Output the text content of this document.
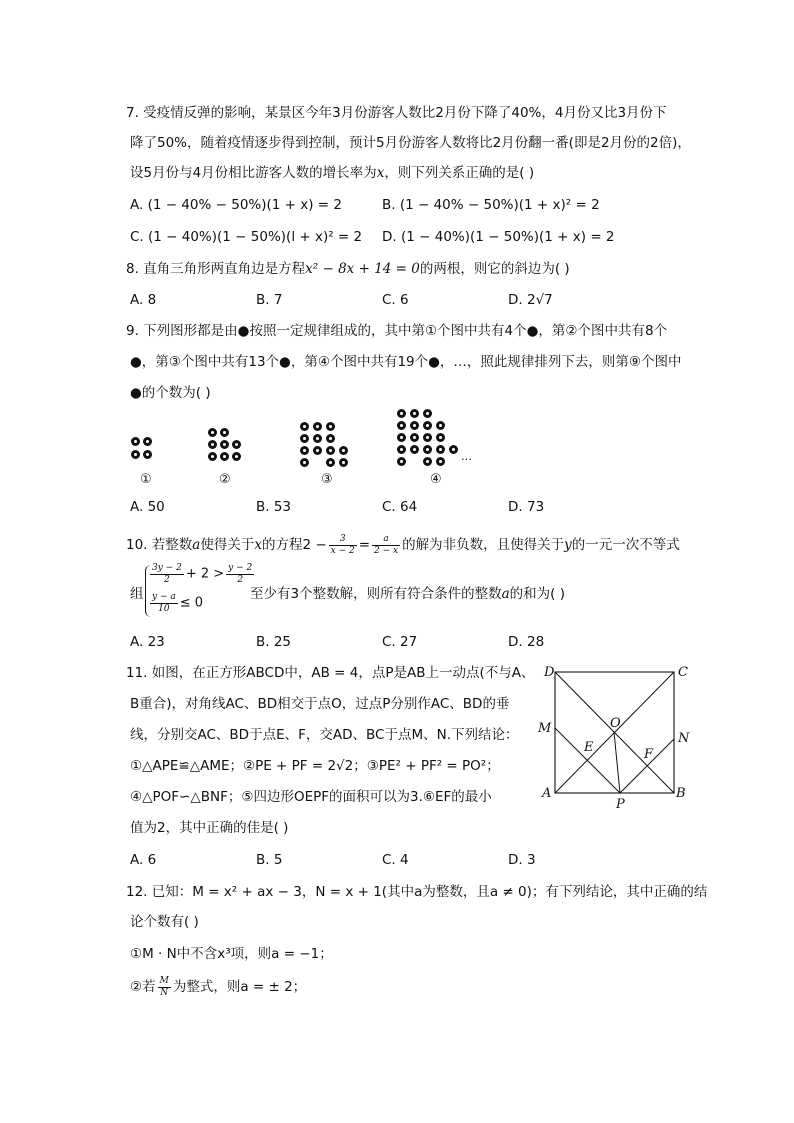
7. 受疫情反弹的影响，某景区今年3月份游客人数比2月份下降了40%，4月份又比3月份下
降了50%，随着疫情逐步得到控制，预计5月份游客人数将比2月份翻一番(即是2月份的2倍)，
设5月份与4月份相比游客人数的增长率为x，则下列关系正确的是( )
A. (1 − 40% − 50%)(1 + x) = 2	B. (1 − 40% − 50%)(1 + x)² = 2
C. (1 − 40%)(1 − 50%)(l + x)² = 2 D. (1 − 40%)(1 − 50%)(1 + x) = 2
8. 直角三角形两直角边是方程x² − 8x + 14 = 0的两根，则它的斜边为( )
A. 8	B. 7	C. 6	D. 2√7
9. 下列图形都是由●按照一定规律组成的，其中第①个图中共有4个●，第②个图中共有8个
●，第③个图中共有13个●，第④个图中共有19个●，…，照此规律排列下去，则第⑨个图中
●的个数为( )
…
①	②	③	④
A. 50	B. 53	C. 64	D. 73
10. 若整数a使得关于x的方程$2 - \frac{3}{x - 2} = \frac{a}{2 - x}$ 的解为非负数，且使得关于y的一元一次不等式
组
$\frac{3y - 2}{2} + 2 > \frac{y - 2}{2}$
$\frac{y - a}{10} \le 0$
至少有3个整数解，则所有符合条件的整数a的和为( )
A. 23	B. 25	C. 27	D. 28
11. 如图，在正方形ABCD中，AB = 4，点P是AB上一动点(不与A、
B重合)，对角线AC、BD相交于点O，过点P分别作AC、BD的垂
线，分别交AC、BD于点E、F，交AD、BC于点M、N.下列结论：
①△APE≌△AME；②PE + PF = 2√2；③PE² + PF² = PO²；
④△POF∽△BNF；⑤四边形OEPF的面积可以为3.⑥EF的最小
值为2，其中正确的佳是( )
D	C
A	B
O
E	F
M
N
P
A. 6	B. 5	C. 4	D. 3
12. 已知：M = x² + ax − 3，N = x + 1(其中a为整数，且a ≠ 0)；有下列结论，其中正确的结
论个数有( )
①M · N中不含x³项，则a = −1；
②若 $\frac{M}{N}$ 为整式，则a = ± 2；
